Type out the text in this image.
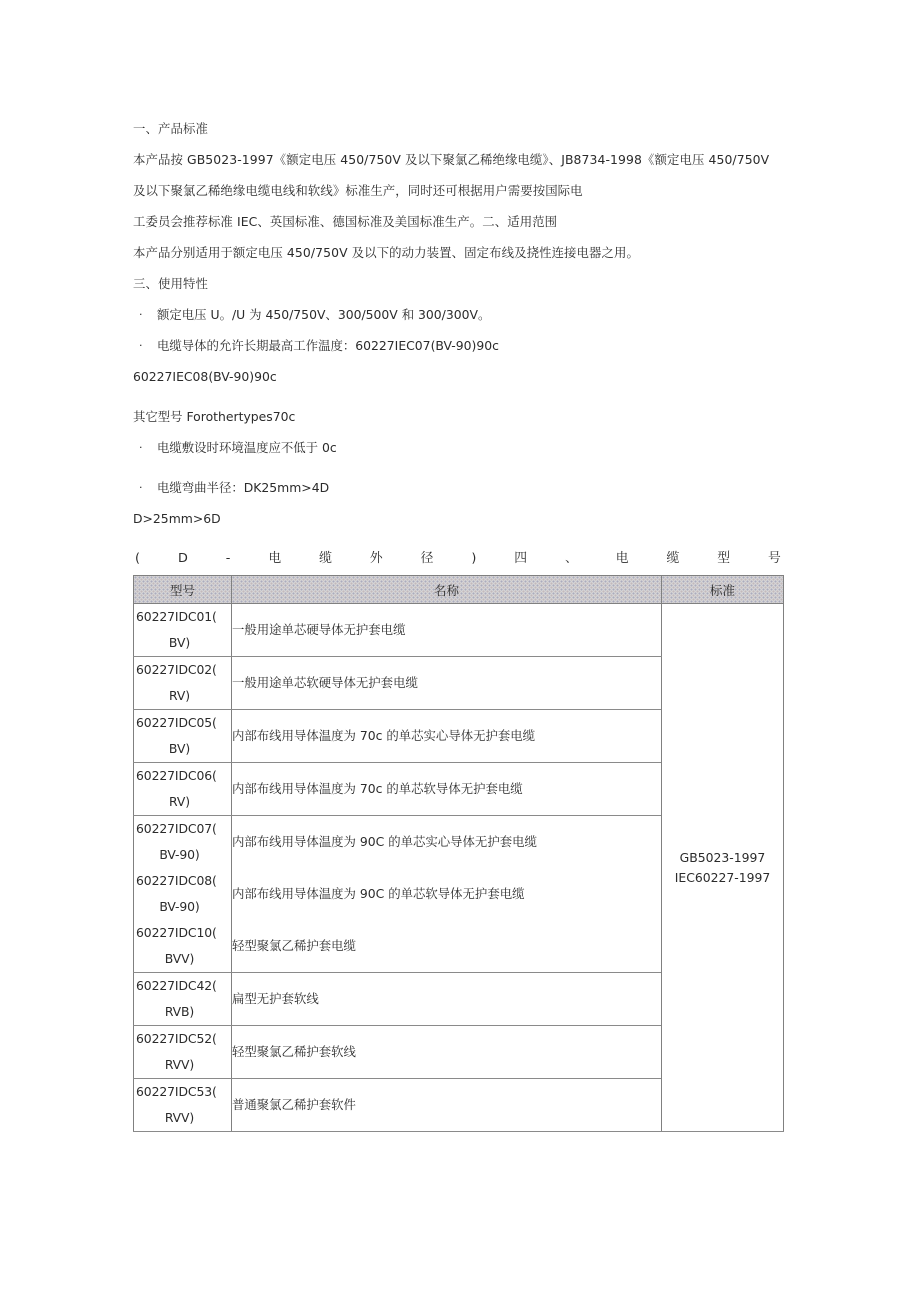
一、产品标准
本产品按 GB5023-1997《额定电压 450/750V 及以下聚氯乙稀绝缘电缆》、JB8734-1998《额定电压 450/750V
及以下聚氯乙稀绝缘电缆电线和软线》标准生产，同时还可根据用户需要按国际电
工委员会推荐标准 IEC、英国标准、德国标准及美国标准生产。二、适用范围
本产品分别适用于额定电压 450/750V 及以下的动力装置、固定布线及挠性连接电器之用。
三、使用特性
·	额定电压 U。/U 为 450/750V、300/500V 和 300/300V。
·	电缆导体的允许长期最高工作温度：60227IEC07(BV-90)90c
60227IEC08(BV-90)90c
其它型号 Forothertypes70c
·	电缆敷设时环境温度应不低于 0c
·	电缆弯曲半径：DK25mm>4D
D>25mm>6D
(	D	-	电	缆	外	径	)	四	、	电	缆	型	号
型号	名称	标准

60227IDC01(
BV)	一般用途单芯硬导体无护套电缆	GB5023-1997
IEC60227-1997

60227IDC02(
RV)	一般用途单芯软硬导体无护套电缆	

60227IDC05(
BV)	内部布线用导体温度为 70c 的单芯实心导体无护套电缆	

60227IDC06(
RV)	内部布线用导体温度为 70c 的单芯软导体无护套电缆	

60227IDC07(
BV-90)	内部布线用导体温度为 90C 的单芯实心导体无护套电缆	

60227IDC08(
BV-90)	内部布线用导体温度为 90C 的单芯软导体无护套电缆	

60227IDC10(
BVV)	轻型聚氯乙稀护套电缆	

60227IDC42(
RVB)	扁型无护套软线	

60227IDC52(
RVV)	轻型聚氯乙稀护套软线	

60227IDC53(
RVV)	普通聚氯乙稀护套软件	
